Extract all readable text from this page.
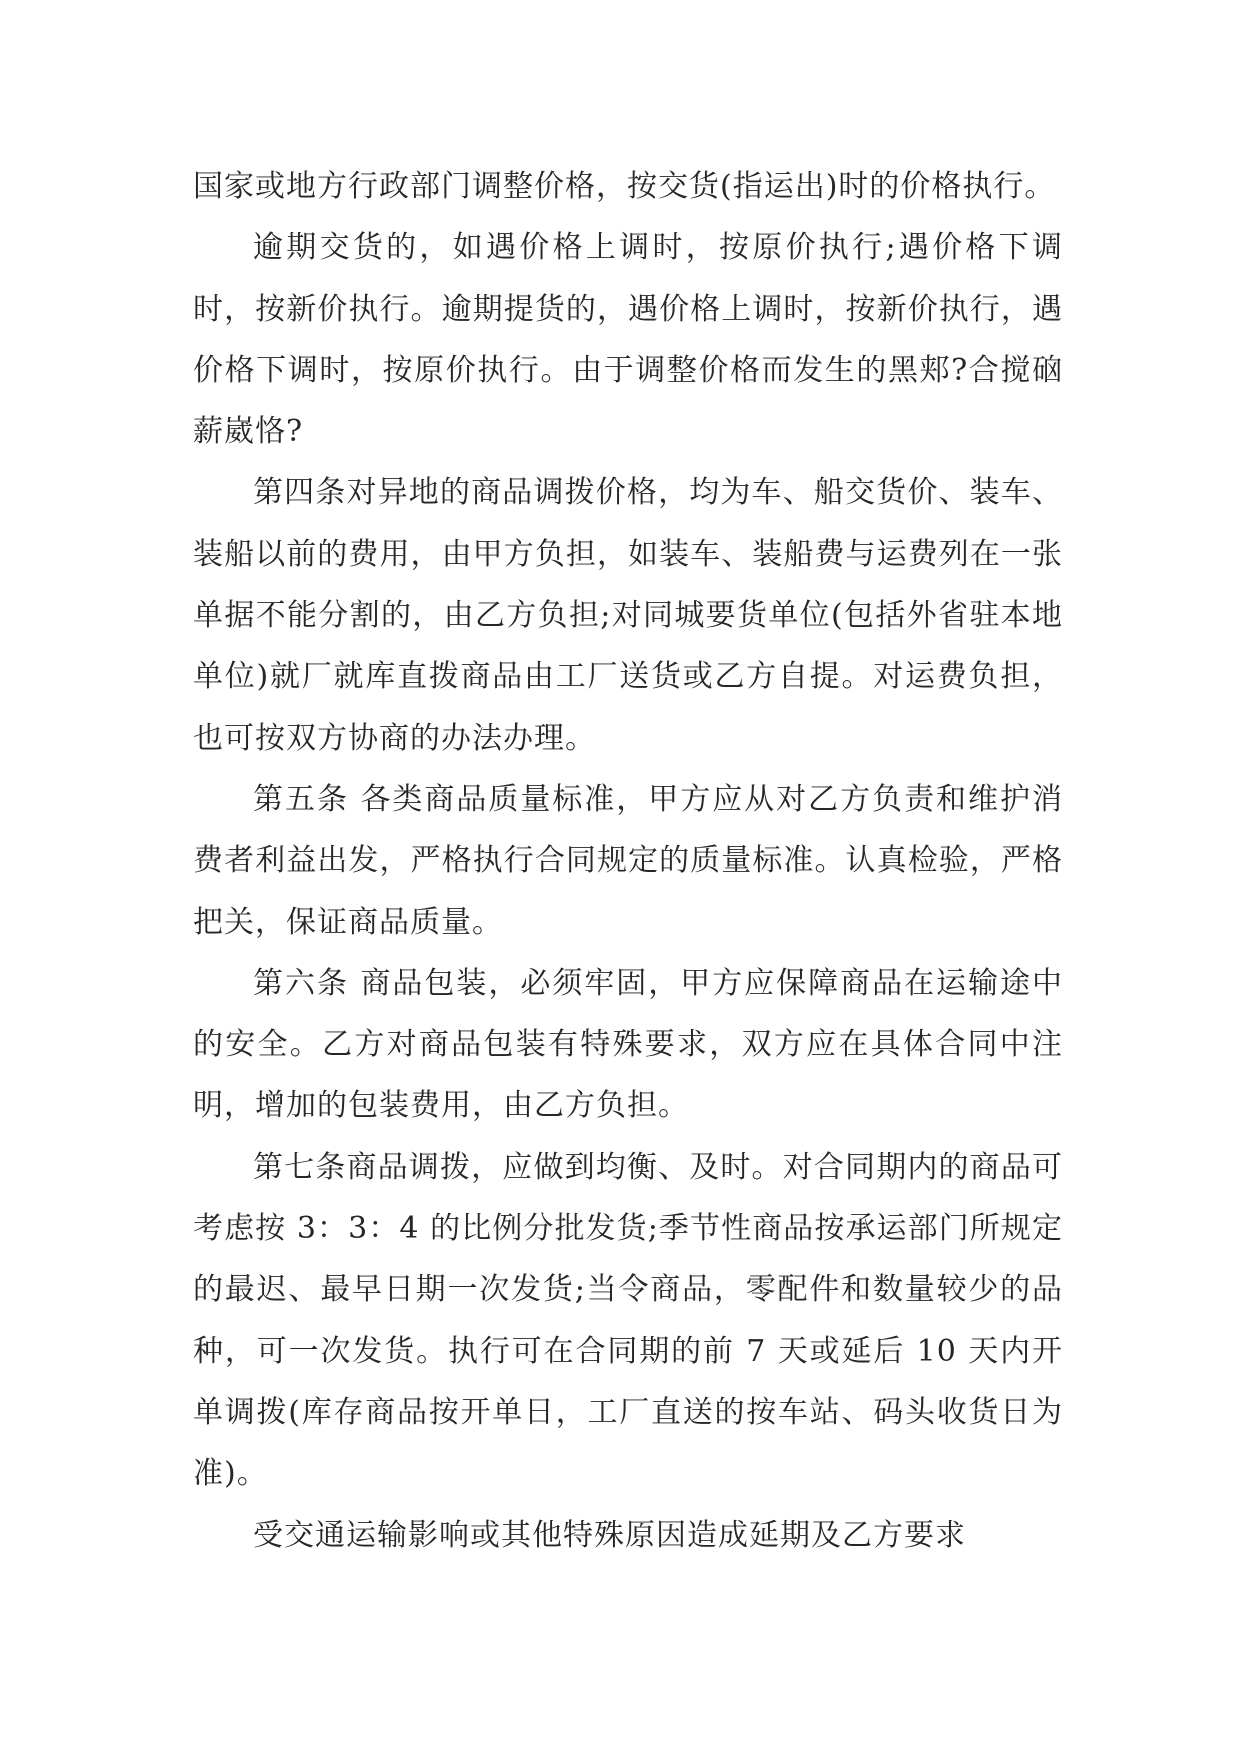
国家或地方行政部门调整价格，按交货(指运出)时的价格执行。

逾期交货的，如遇价格上调时，按原价执行;遇价格下调时，按新价执行。逾期提货的，遇价格上调时，按新价执行，遇价格下调时，按原价执行。由于调整价格而发生的黑郏?合搅硇薪崴恪?

第四条对异地的商品调拨价格，均为车、船交货价、装车、装船以前的费用，由甲方负担，如装车、装船费与运费列在一张单据不能分割的，由乙方负担;对同城要货单位(包括外省驻本地单位)就厂就库直拨商品由工厂送货或乙方自提。对运费负担，也可按双方协商的办法办理。

第五条 各类商品质量标准，甲方应从对乙方负责和维护消费者利益出发，严格执行合同规定的质量标准。认真检验，严格把关，保证商品质量。

第六条 商品包装，必须牢固，甲方应保障商品在运输途中的安全。乙方对商品包装有特殊要求，双方应在具体合同中注明，增加的包装费用，由乙方负担。

第七条商品调拨，应做到均衡、及时。对合同期内的商品可考虑按 3：3：4 的比例分批发货;季节性商品按承运部门所规定的最迟、最早日期一次发货;当令商品，零配件和数量较少的品种，可一次发货。执行可在合同期的前 7 天或延后 10 天内开单调拨(库存商品按开单日，工厂直送的按车站、码头收货日为准)。

受交通运输影响或其他特殊原因造成延期及乙方要求
